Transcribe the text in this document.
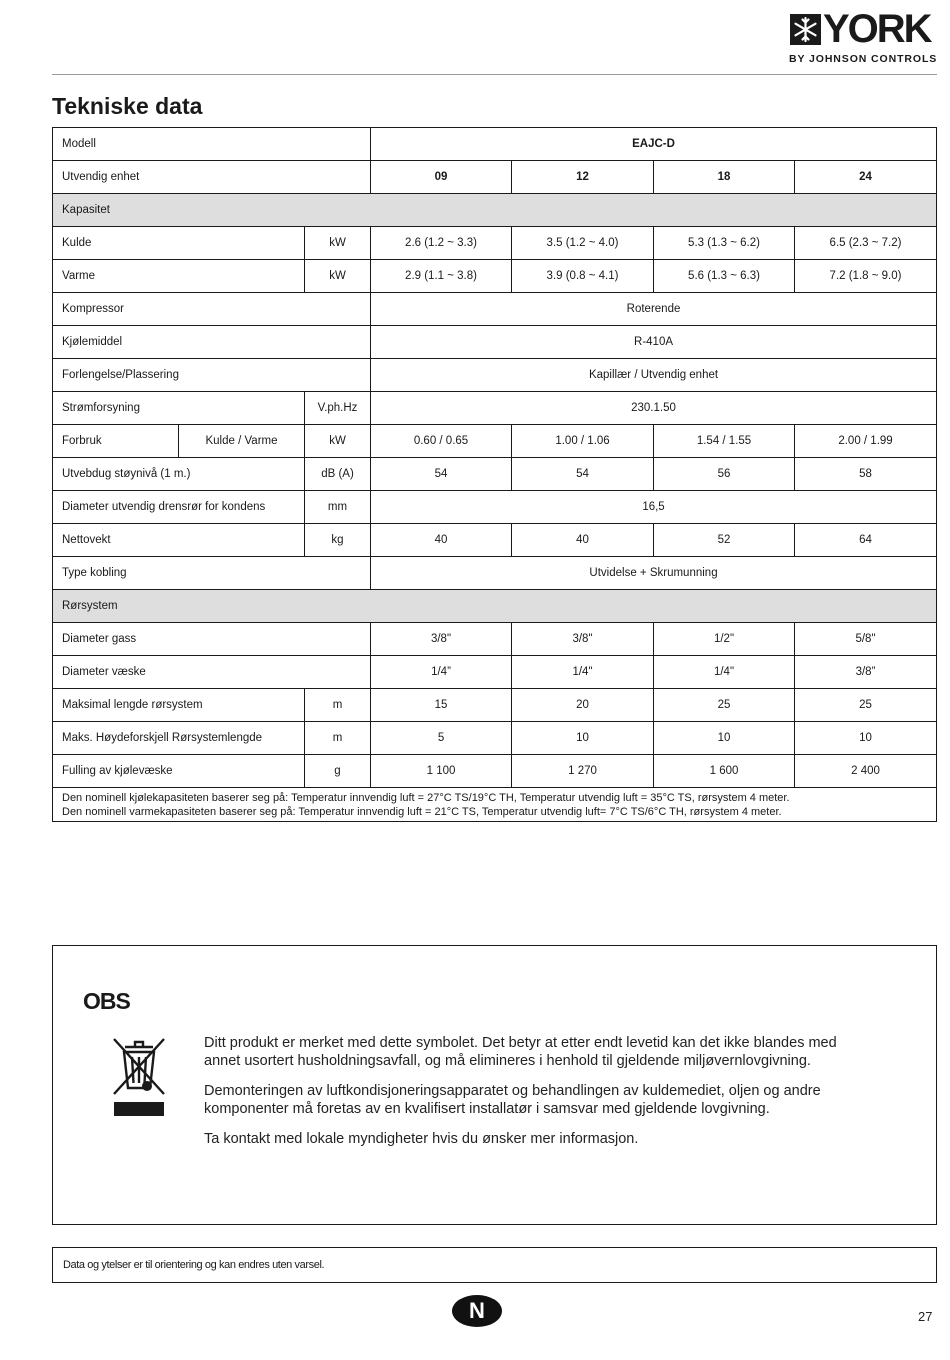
YORK
BY JOHNSON CONTROLS
Tekniske data
Modell			EAJC-D			
Utvendig enhet			09	12	18	24
Kapasitet						
Kulde		kW	2.6 (1.2 ~ 3.3)	3.5 (1.2 ~ 4.0)	5.3 (1.3 ~ 6.2)	6.5 (2.3 ~ 7.2)
Varme		kW	2.9 (1.1 ~ 3.8)	3.9 (0.8 ~ 4.1)	5.6 (1.3 ~ 6.3)	7.2 (1.8 ~ 9.0)
Kompressor			Roterende			
Kjølemiddel			R-410A			
Forlengelse/Plassering			Kapillær / Utvendig enhet			
Strømforsyning		V.ph.Hz	230.1.50			
Forbruk	Kulde / Varme	kW	0.60 / 0.65	1.00 / 1.06	1.54 / 1.55	2.00 / 1.99
Utvebdug støynivå (1 m.)		dB (A)	54	54	56	58
Diameter utvendig drensrør for kondens		mm	16,5			
Nettovekt		kg	40	40	52	64
Type kobling			Utvidelse + Skrumunning			
Rørsystem						
Diameter gass			3/8"	3/8"	1/2"	5/8"
Diameter væske			1/4”	1/4"	1/4"	3/8”
Maksimal lengde rørsystem		m	15	20	25	25
Maks. Høydeforskjell Rørsystemlengde		m	5	10	10	10
Fulling av kjølevæske		g	1 100	1 270	1 600	2 400

Den nominell kjølekapasiteten baserer seg på: Temperatur innvendig luft = 27°C TS/19°C TH, Temperatur utvendig luft = 35°C TS, rørsystem 4 meter.
Den nominell varmekapasiteten baserer seg på: Temperatur innvendig luft = 21°C TS, Temperatur utvendig luft= 7°C TS/6°C TH, rørsystem 4 meter.						
OBS

Ditt produkt er merket med dette symbolet. Det betyr at etter endt levetid kan det ikke blandes med annet usortert husholdningsavfall, og må elimineres i henhold til gjeldende miljøvernlovgivning.

Demonteringen av luftkondisjoneringsapparatet og behandlingen av kuldemediet, oljen og andre komponenter må foretas av en kvalifisert installatør i samsvar med gjeldende lovgivning.

Ta kontakt med lokale myndigheter hvis du ønsker mer informasjon.

Data og ytelser er til orientering og kan endres uten varsel.
N	27
